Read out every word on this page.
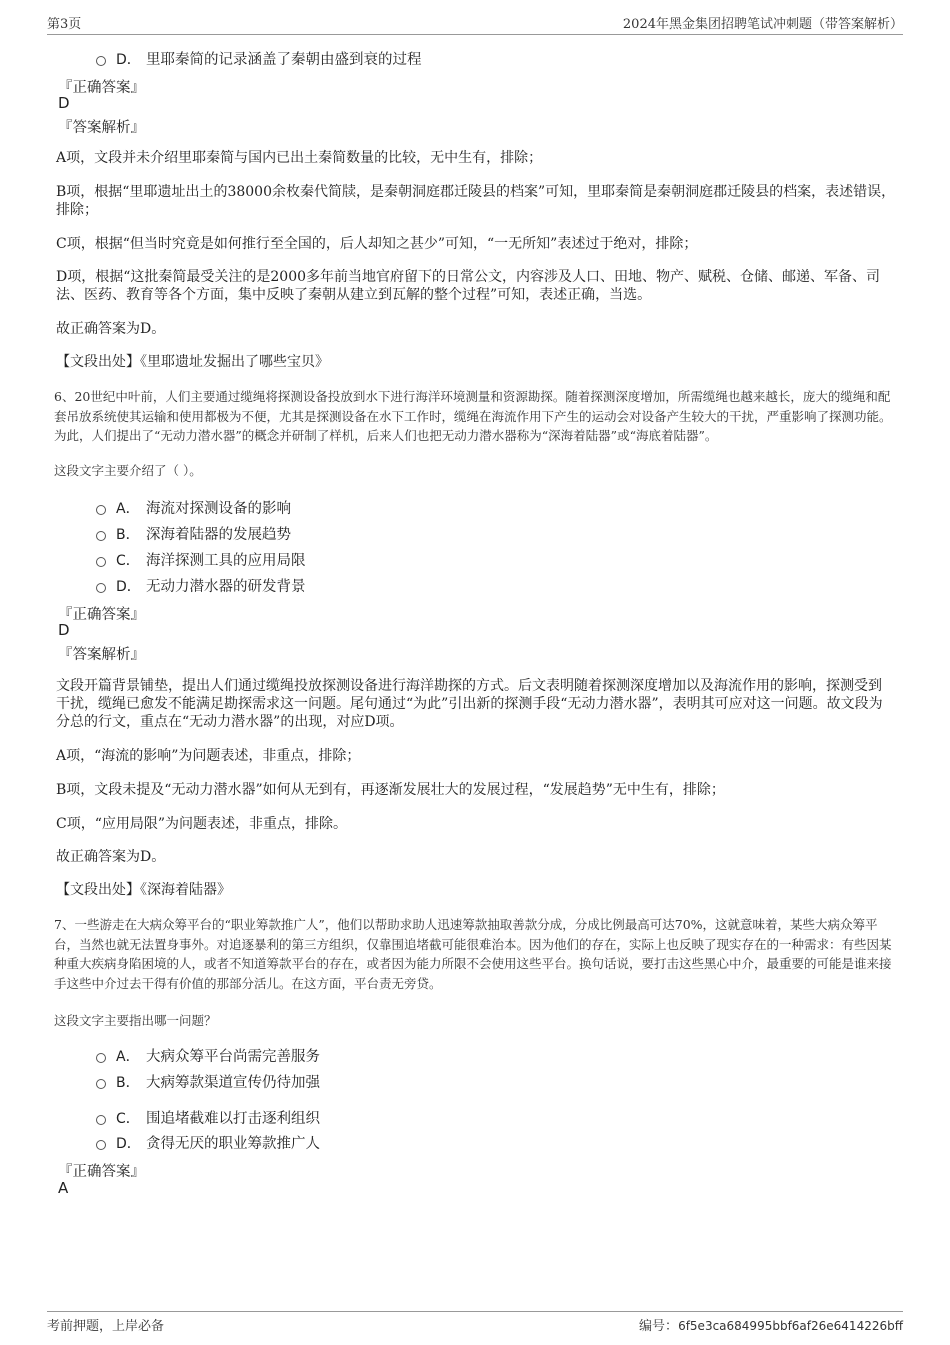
第3页	2024年黑金集团招聘笔试冲刺题（带答案解析）
D． 里耶秦简的记录涵盖了秦朝由盛到衰的过程
『正确答案』
D
『答案解析』
A项，文段并未介绍里耶秦简与国内已出土秦简数量的比较，无中生有，排除；
B项，根据“里耶遗址出土的38000余枚秦代简牍，是秦朝洞庭郡迁陵县的档案”可知，里耶秦简是秦朝洞庭郡迁陵县的档案，表述错误，排除；
C项，根据“但当时究竟是如何推行至全国的，后人却知之甚少”可知，“一无所知”表述过于绝对，排除；
D项，根据“这批秦简最受关注的是2000多年前当地官府留下的日常公文，内容涉及人口、田地、物产、赋税、仓储、邮递、军备、司法、医药、教育等各个方面，集中反映了秦朝从建立到瓦解的整个过程”可知，表述正确，当选。
故正确答案为D。
【文段出处】《里耶遗址发掘出了哪些宝贝》
6、20世纪中叶前，人们主要通过缆绳将探测设备投放到水下进行海洋环境测量和资源勘探。随着探测深度增加，所需缆绳也越来越长，庞大的缆绳和配套吊放系统使其运输和使用都极为不便，尤其是探测设备在水下工作时，缆绳在海流作用下产生的运动会对设备产生较大的干扰，严重影响了探测功能。为此，人们提出了“无动力潜水器”的概念并研制了样机，后来人们也把无动力潜水器称为“深海着陆器”或“海底着陆器”。
这段文字主要介绍了（ ）。
A． 海流对探测设备的影响
B． 深海着陆器的发展趋势
C． 海洋探测工具的应用局限
D． 无动力潜水器的研发背景
『正确答案』
D
『答案解析』
文段开篇背景铺垫，提出人们通过缆绳投放探测设备进行海洋勘探的方式。后文表明随着探测深度增加以及海流作用的影响，探测受到干扰，缆绳已愈发不能满足勘探需求这一问题。尾句通过“为此”引出新的探测手段“无动力潜水器”，表明其可应对这一问题。故文段为分总的行文，重点在“无动力潜水器”的出现，对应D项。
A项，“海流的影响”为问题表述，非重点，排除；
B项，文段未提及“无动力潜水器”如何从无到有，再逐渐发展壮大的发展过程，“发展趋势”无中生有，排除；
C项，“应用局限”为问题表述，非重点，排除。
故正确答案为D。
【文段出处】《深海着陆器》
7、一些游走在大病众筹平台的“职业筹款推广人”，他们以帮助求助人迅速筹款抽取善款分成，分成比例最高可达70%，这就意味着，某些大病众筹平台，当然也就无法置身事外。对追逐暴利的第三方组织，仅靠围追堵截可能很难治本。因为他们的存在，实际上也反映了现实存在的一种需求：有些因某种重大疾病身陷困境的人，或者不知道筹款平台的存在，或者因为能力所限不会使用这些平台。换句话说，要打击这些黑心中介，最重要的可能是谁来接手这些中介过去干得有价值的那部分活儿。在这方面，平台责无旁贷。
这段文字主要指出哪一问题？
A． 大病众筹平台尚需完善服务
B． 大病筹款渠道宣传仍待加强
C． 围追堵截难以打击逐利组织
D． 贪得无厌的职业筹款推广人
『正确答案』
A
考前押题，上岸必备	编号：6f5e3ca684995bbf6af26e6414226bff
